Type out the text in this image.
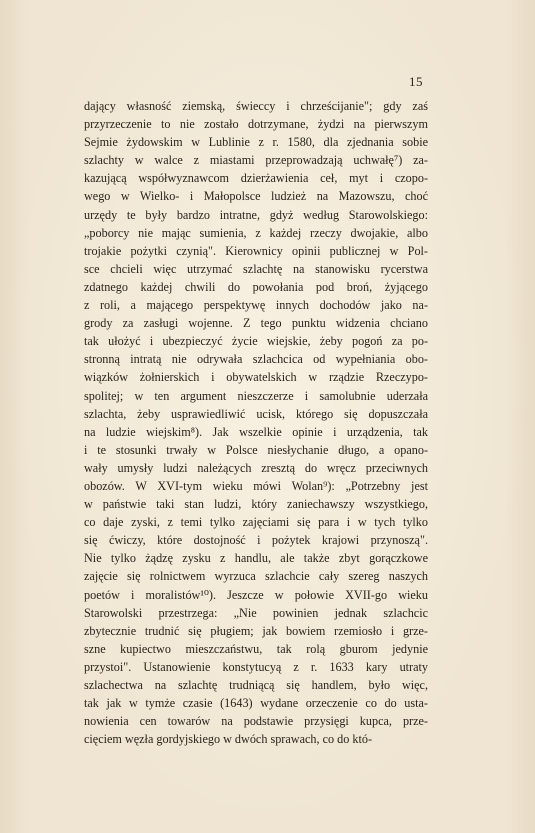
15
dający własność ziemską, świeccy i chrześcijanie"; gdy zaś
przyrzeczenie to nie zostało dotrzymane, żydzi na pierwszym
Sejmie żydowskim w Lublinie z r. 1580, dla zjednania sobie
szlachty w walce z miastami przeprowadzają uchwałę⁷) za-
kazującą współwyznawcom dzierżawienia ceł, myt i czopo-
wego w Wielko- i Małopolsce ludzież na Mazowszu, choć
urzędy te były bardzo intratne, gdyż według Starowolskiego:
„poborcy nie mając sumienia, z każdej rzeczy dwojakie, albo
trojakie pożytki czynią". Kierownicy opinii publicznej w Pol-
sce chcieli więc utrzymać szlachtę na stanowisku rycerstwa
zdatnego każdej chwili do powołania pod broń, żyjącego
z roli, a mającego perspektywę innych dochodów jako na-
grody za zasługi wojenne. Z tego punktu widzenia chciano
tak ułożyć i ubezpieczyć życie wiejskie, żeby pogoń za po-
stronną intratą nie odrywała szlachcica od wypełniania obo-
wiązków żołnierskich i obywatelskich w rządzie Rzeczypo-
spolitej; w ten argument nieszczerze i samolubnie uderzała
szlachta, żeby usprawiedliwić ucisk, którego się dopuszczała
na ludzie wiejskim⁸). Jak wszelkie opinie i urządzenia, tak
i te stosunki trwały w Polsce niesłychanie długo, a opano-
wały umysły ludzi należących zresztą do wręcz przeciwnych
obozów. W XVI-tym wieku mówi Wolan⁹): „Potrzebny jest
w państwie taki stan ludzi, który zaniechawszy wszystkiego,
co daje zyski, z temi tylko zajęciami się para i w tych tylko
się ćwiczy, które dostojność i pożytek krajowi przynoszą".
Nie tylko żądzę zysku z handlu, ale także zbyt gorączkowe
zajęcie się rolnictwem wyrzuca szlachcie cały szereg naszych
poetów i moralistów¹⁰). Jeszcze w połowie XVII-go wieku
Starowolski przestrzega: „Nie powinien jednak szlachcic
zbytecznie trudnić się pługiem; jak bowiem rzemiosło i grze-
szne kupiectwo mieszczaństwu, tak rolą gburom jedynie
przystoi". Ustanowienie konstytucyą z r. 1633 kary utraty
szlachectwa na szlachtę trudniącą się handlem, było więc,
tak jak w tymże czasie (1643) wydane orzeczenie co do usta-
nowienia cen towarów na podstawie przysięgi kupca, prze-
cięciem węzła gordyjskiego w dwóch sprawach, co do któ-
